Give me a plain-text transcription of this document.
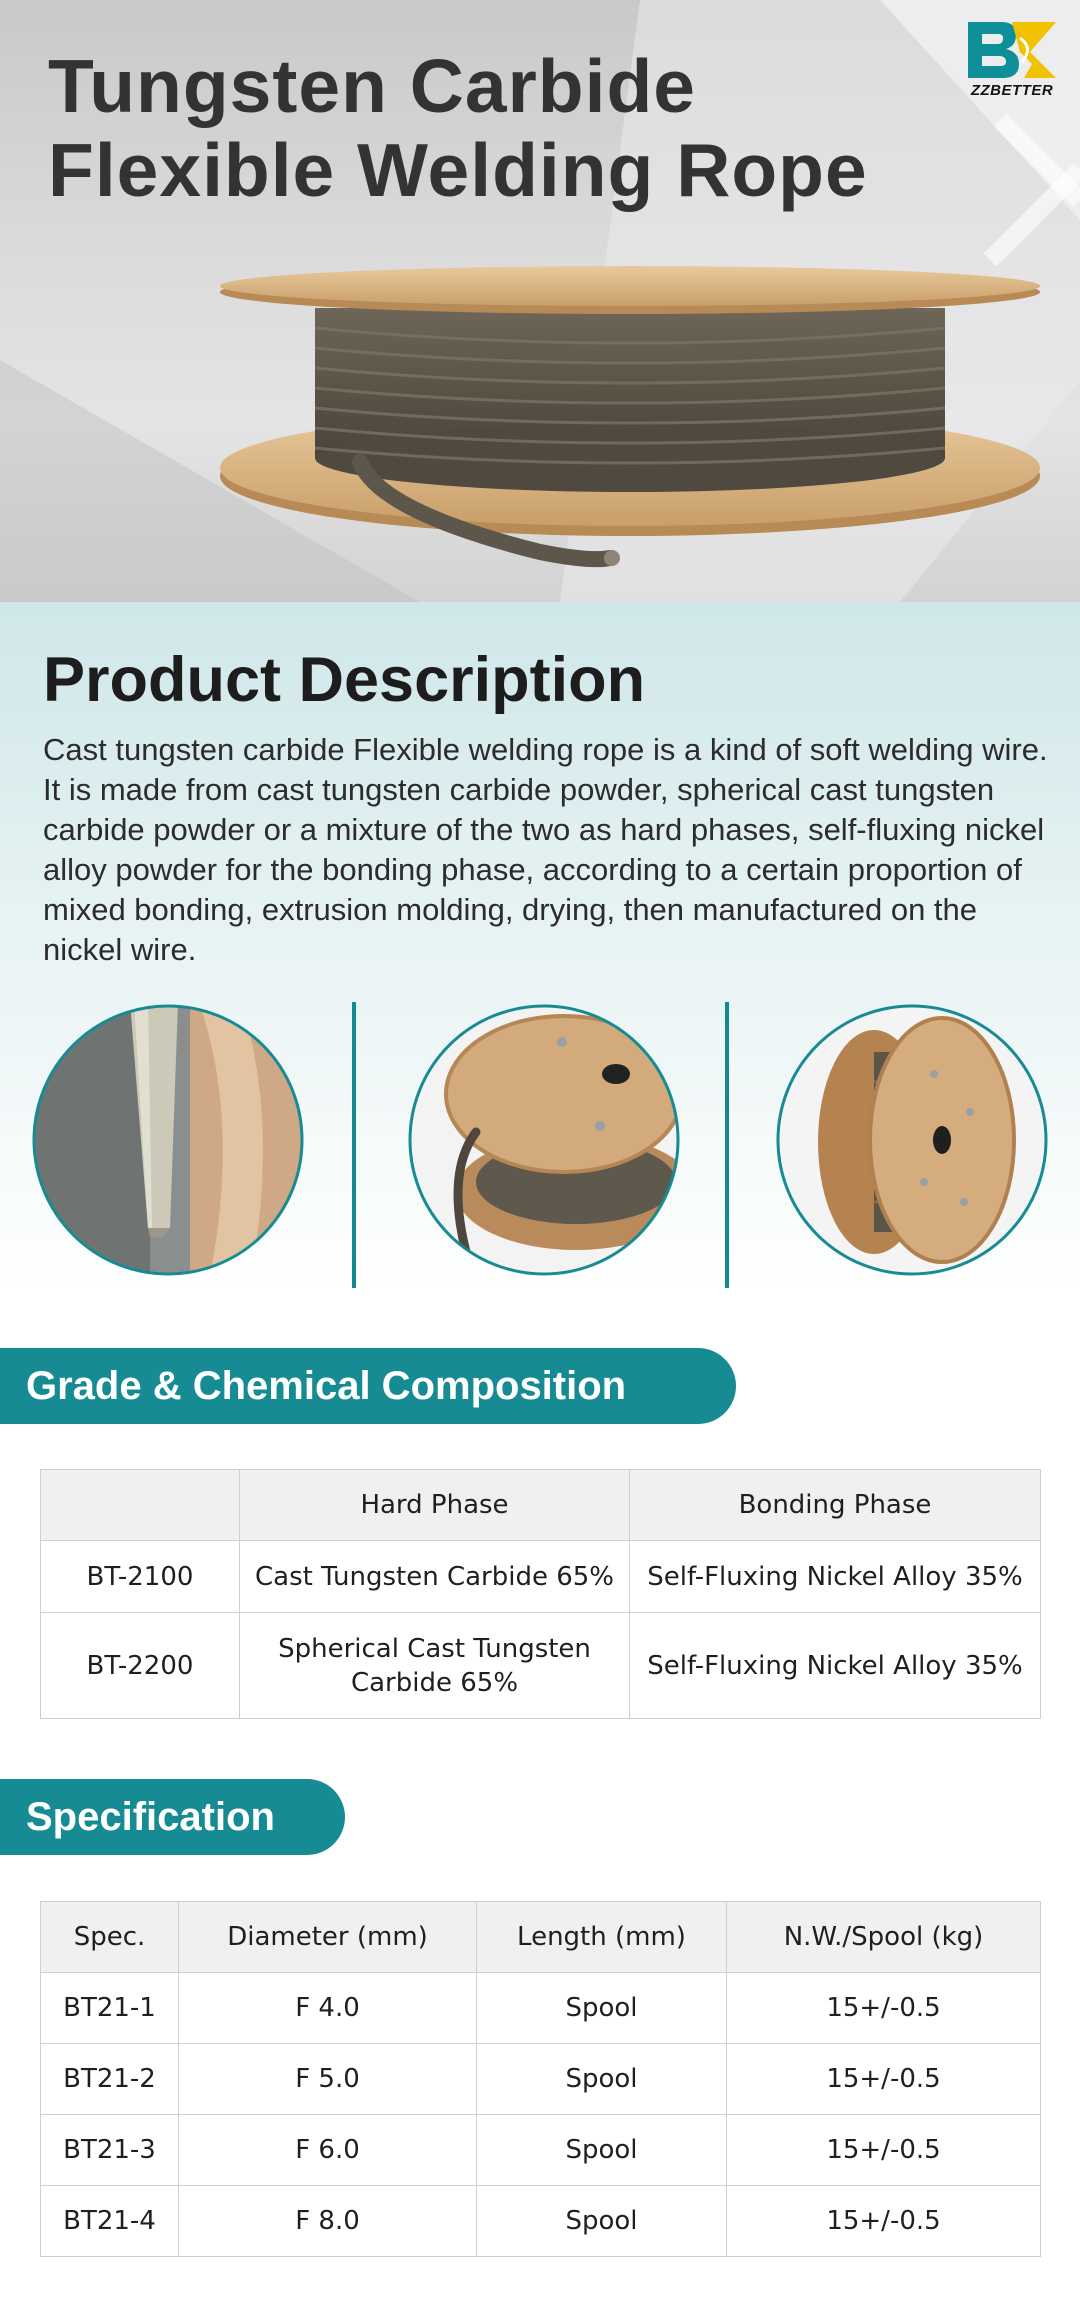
Tungsten Carbide
Flexible Welding Rope
ZZBETTER
Product Description

Cast tungsten carbide Flexible welding rope is a kind of soft welding wire. It is made from cast tungsten carbide powder, spherical cast tungsten carbide powder or a mixture of the two as hard phases, self-fluxing nickel alloy powder for the bonding phase, according to a certain proportion of mixed bonding, extrusion molding, drying, then manufactured on the nickel wire.

Grade & Chemical Composition
	Hard Phase	Bonding Phase
BT-2100	Cast Tungsten Carbide 65%	Self-Fluxing Nickel Alloy 35%
BT-2200	Spherical Cast Tungsten Carbide 65%	Self-Fluxing Nickel Alloy 35%
Specification
Spec.	Diameter (mm)	Length (mm)	N.W./Spool (kg)
BT21-1	F 4.0	Spool	15+/-0.5
BT21-2	F 5.0	Spool	15+/-0.5
BT21-3	F 6.0	Spool	15+/-0.5
BT21-4	F 8.0	Spool	15+/-0.5
